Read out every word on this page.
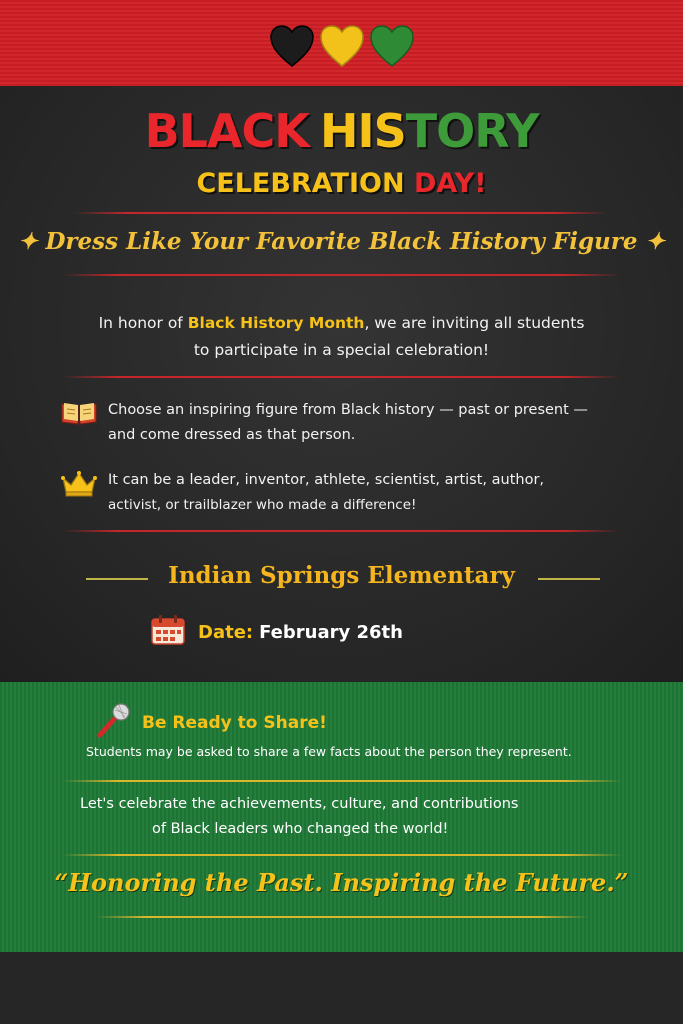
BLACK HISTORY
CELEBRATION DAY!
✦ Dress Like Your Favorite Black History Figure ✦
In honor of Black History Month, we are inviting all students
to participate in a special celebration!
Choose an inspiring figure from Black history — past or present —
and come dressed as that person.
It can be a leader, inventor, athlete, scientist, artist, author,
activist, or trailblazer who made a difference!
Indian Springs Elementary
Date: February 26th
Be Ready to Share!
Students may be asked to share a few facts about the person they represent.
Let's celebrate the achievements, culture, and contributions
of Black leaders who changed the world!
“Honoring the Past. Inspiring the Future.”
